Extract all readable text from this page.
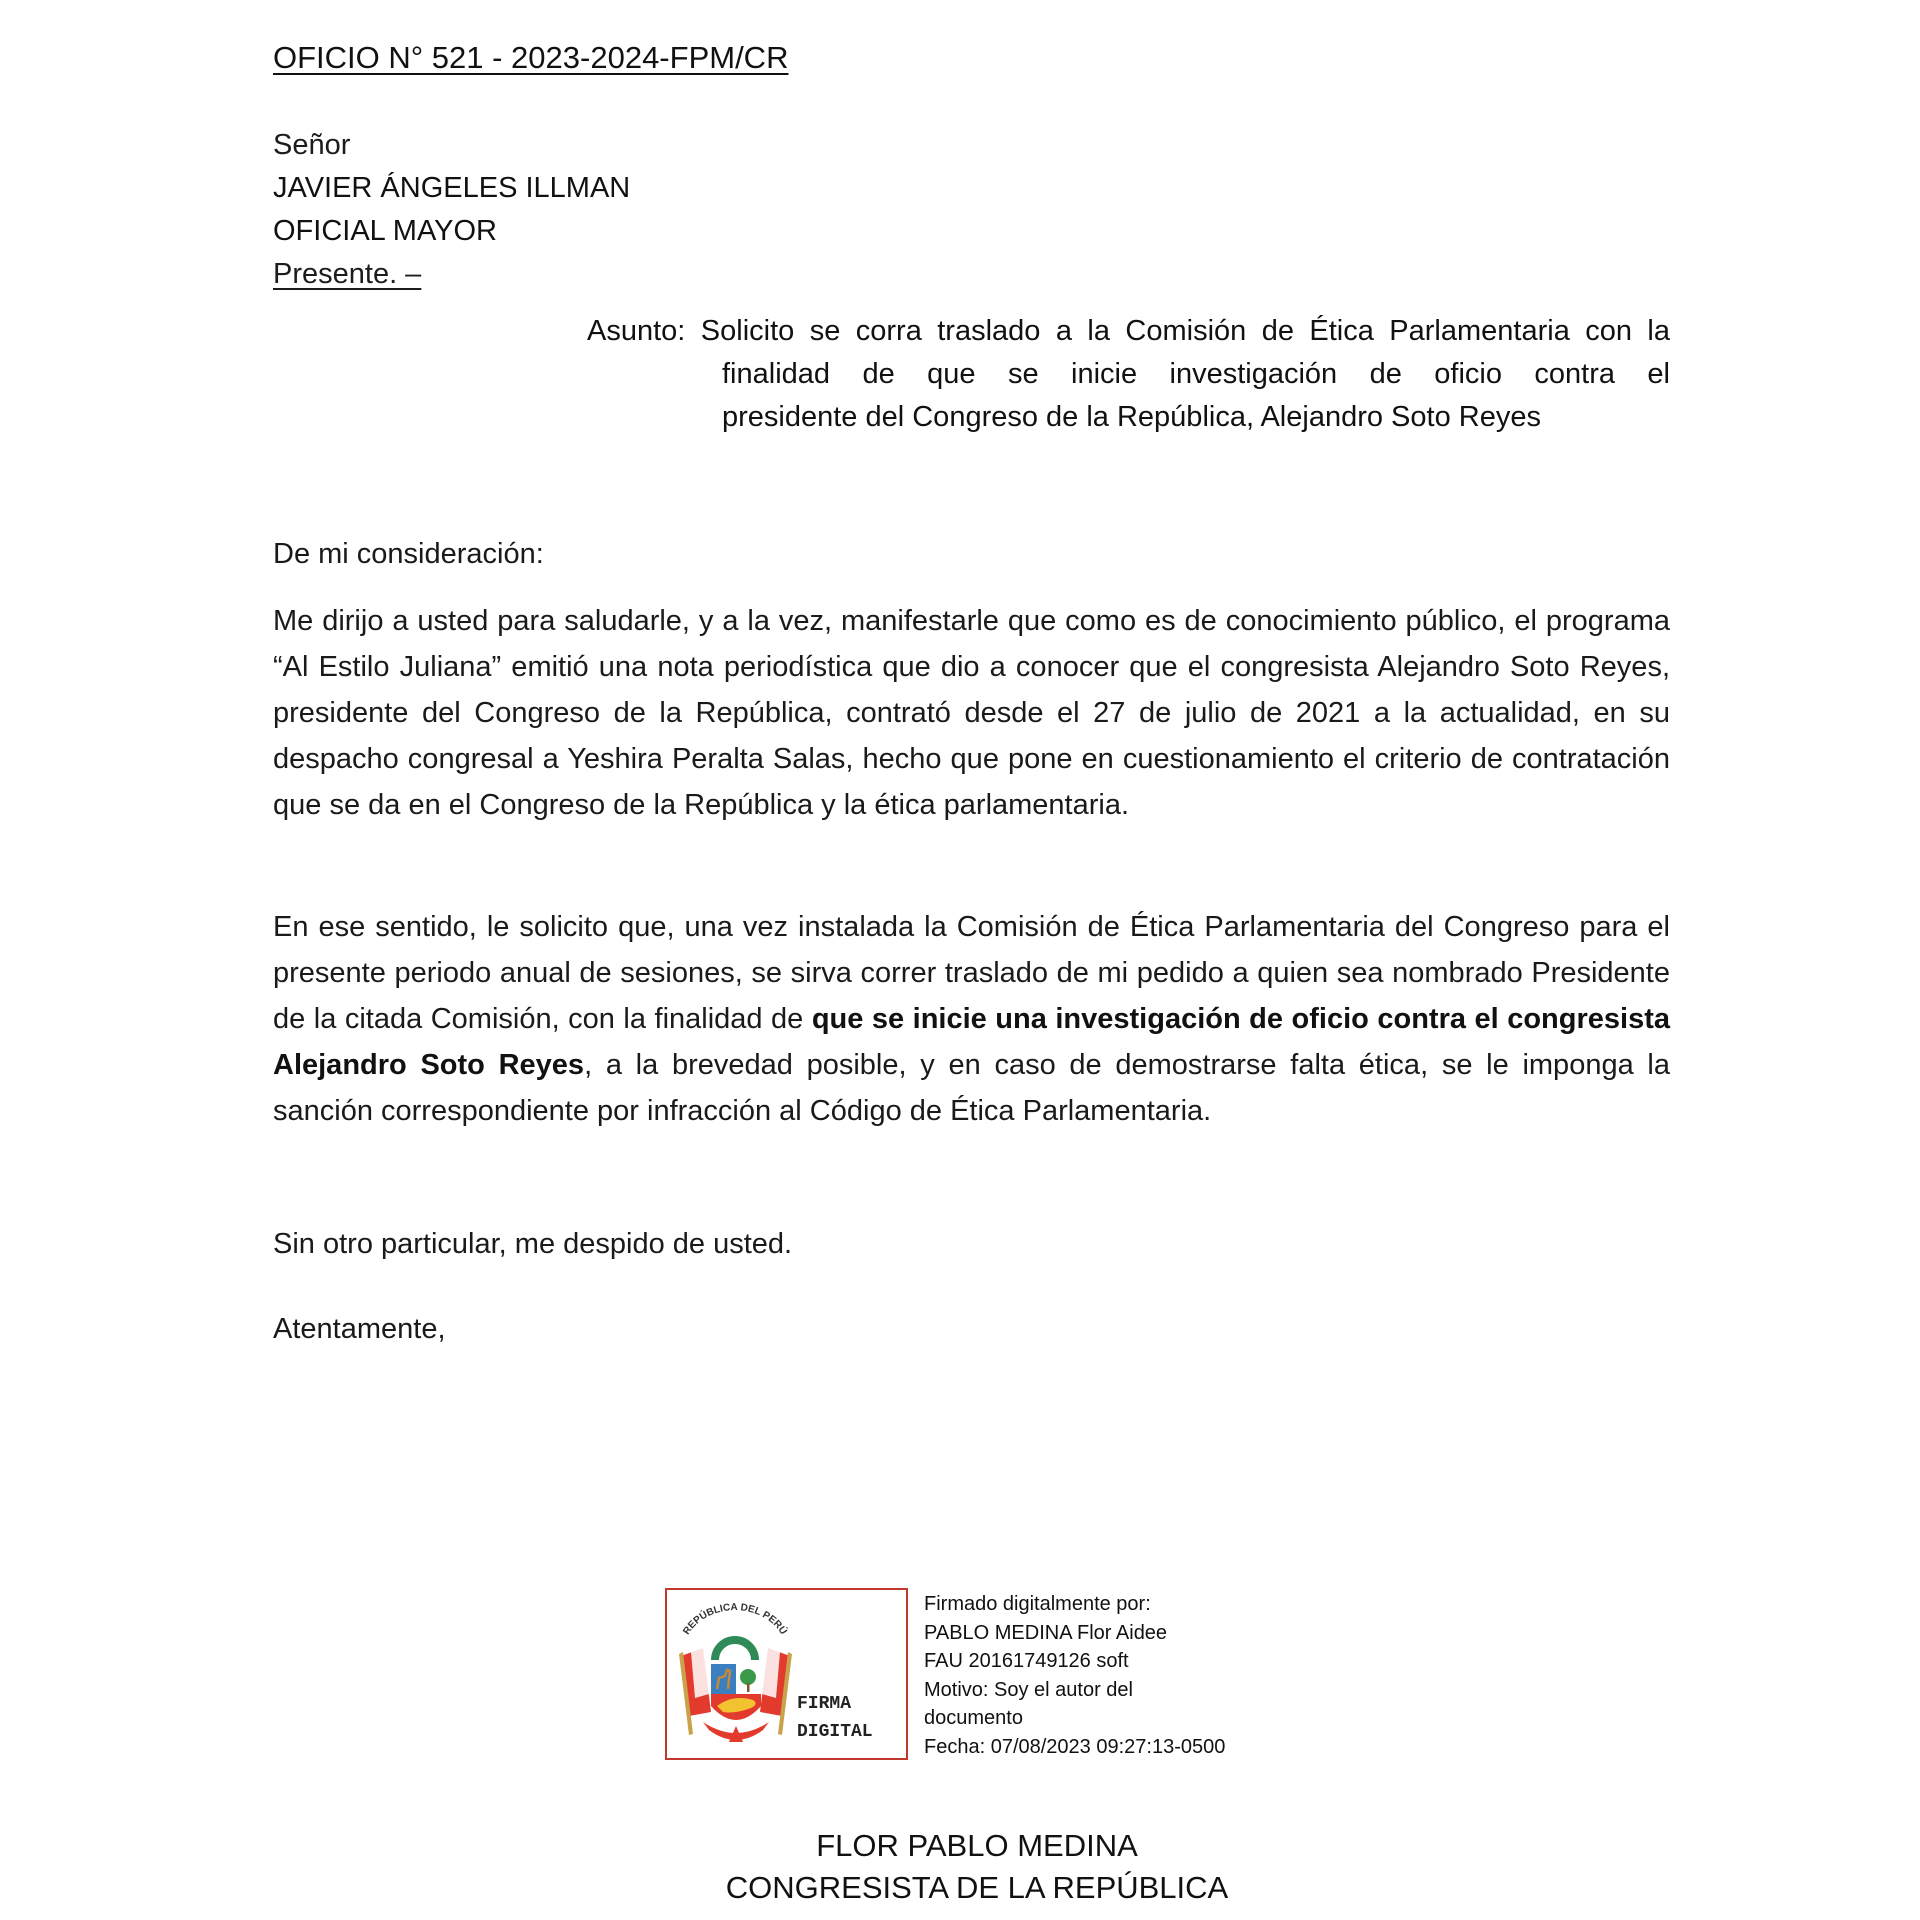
OFICIO N° 521 - 2023-2024-FPM/CR
Señor
JAVIER ÁNGELES ILLMAN
OFICIAL MAYOR
Presente. –
Asunto: Solicito se corra traslado a la Comisión de Ética Parlamentaria con la
finalidad de que se inicie investigación de oficio contra el
presidente del Congreso de la República, Alejandro Soto Reyes
De mi consideración:
Me dirijo a usted para saludarle, y a la vez, manifestarle que como es de conocimiento público, el programa “Al Estilo Juliana” emitió una nota periodística que dio a conocer que el congresista Alejandro Soto Reyes, presidente del Congreso de la República, contrató desde el 27 de julio de 2021 a la actualidad, en su despacho congresal a Yeshira Peralta Salas, hecho que pone en cuestionamiento el criterio de contratación que se da en el Congreso de la República y la ética parlamentaria.
En ese sentido, le solicito que, una vez instalada la Comisión de Ética Parlamentaria del Congreso para el presente periodo anual de sesiones, se sirva correr traslado de mi pedido a quien sea nombrado Presidente de la citada Comisión, con la finalidad de que se inicie una investigación de oficio contra el congresista Alejandro Soto Reyes, a la brevedad posible, y en caso de demostrarse falta ética, se le imponga la sanción correspondiente por infracción al Código de Ética Parlamentaria.
Sin otro particular, me despido de usted.
Atentamente,
REPÚBLICA DEL PERÚ
FIRMA
DIGITAL
Firmado digitalmente por:
PABLO MEDINA Flor Aidee
FAU 20161749126 soft
Motivo: Soy el autor del
documento
Fecha: 07/08/2023 09:27:13-0500
FLOR PABLO MEDINA
CONGRESISTA DE LA REPÚBLICA
